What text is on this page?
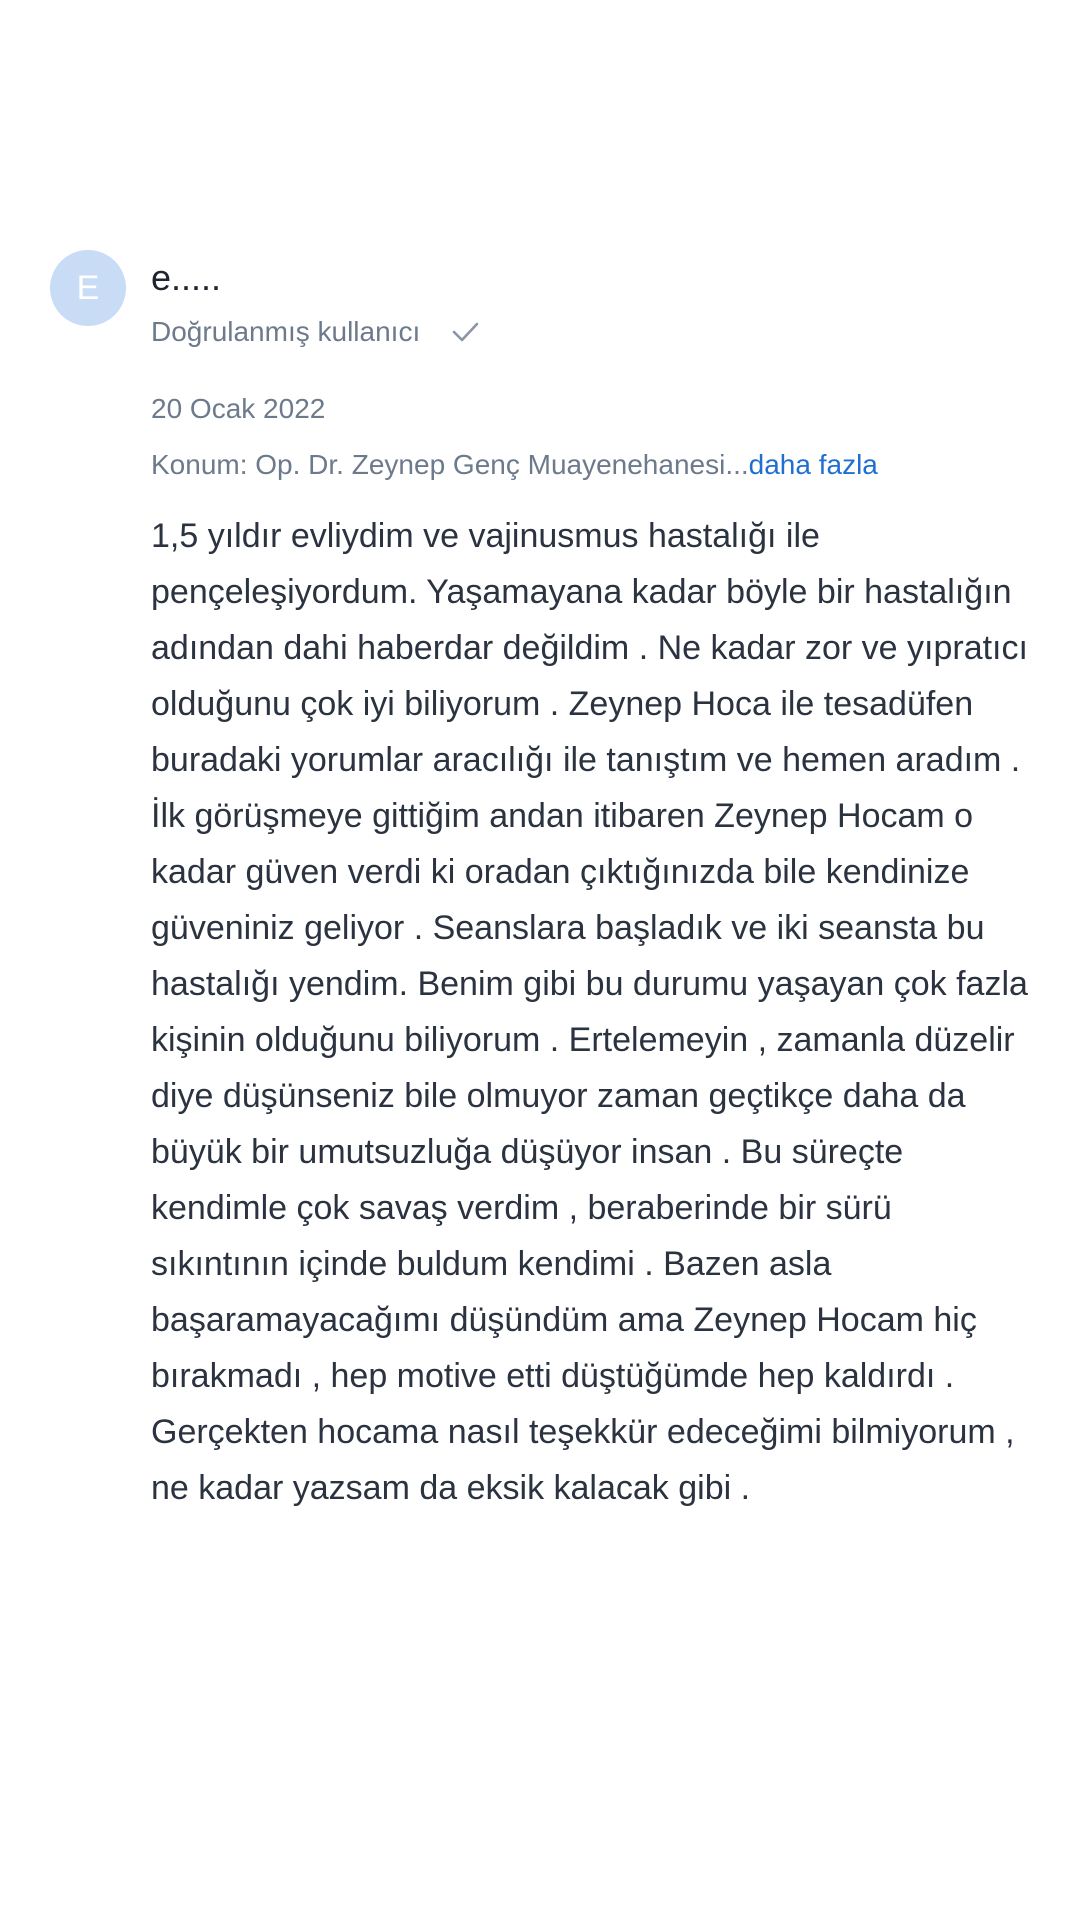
E	e.....
Doğrulanmış kullanıcı
20 Ocak 2022
Konum: Op. Dr. Zeynep Genç Muayenehanesi...daha fazla
1,5 yıldır evliydim ve vajinusmus hastalığı ile pençeleşiyordum. Yaşamayana kadar böyle bir hastalığın adından dahi haberdar değildim . Ne kadar zor ve yıpratıcı olduğunu çok iyi biliyorum . Zeynep Hoca ile tesadüfen buradaki yorumlar aracılığı ile tanıştım ve hemen aradım . İlk görüşmeye gittiğim andan itibaren Zeynep Hocam o kadar güven verdi ki oradan çıktığınızda bile kendinize güveniniz geliyor . Seanslara başladık ve iki seansta bu hastalığı yendim. Benim gibi bu durumu yaşayan çok fazla kişinin olduğunu biliyorum . Ertelemeyin , zamanla düzelir diye düşünseniz bile olmuyor zaman geçtikçe daha da büyük bir umutsuzluğa düşüyor insan . Bu süreçte kendimle çok savaş verdim , beraberinde bir sürü sıkıntının içinde buldum kendimi . Bazen asla başaramayacağımı düşündüm ama Zeynep Hocam hiç bırakmadı , hep motive etti düştüğümde hep kaldırdı . Gerçekten hocama nasıl teşekkür edeceğimi bilmiyorum , ne kadar yazsam da eksik kalacak gibi .
